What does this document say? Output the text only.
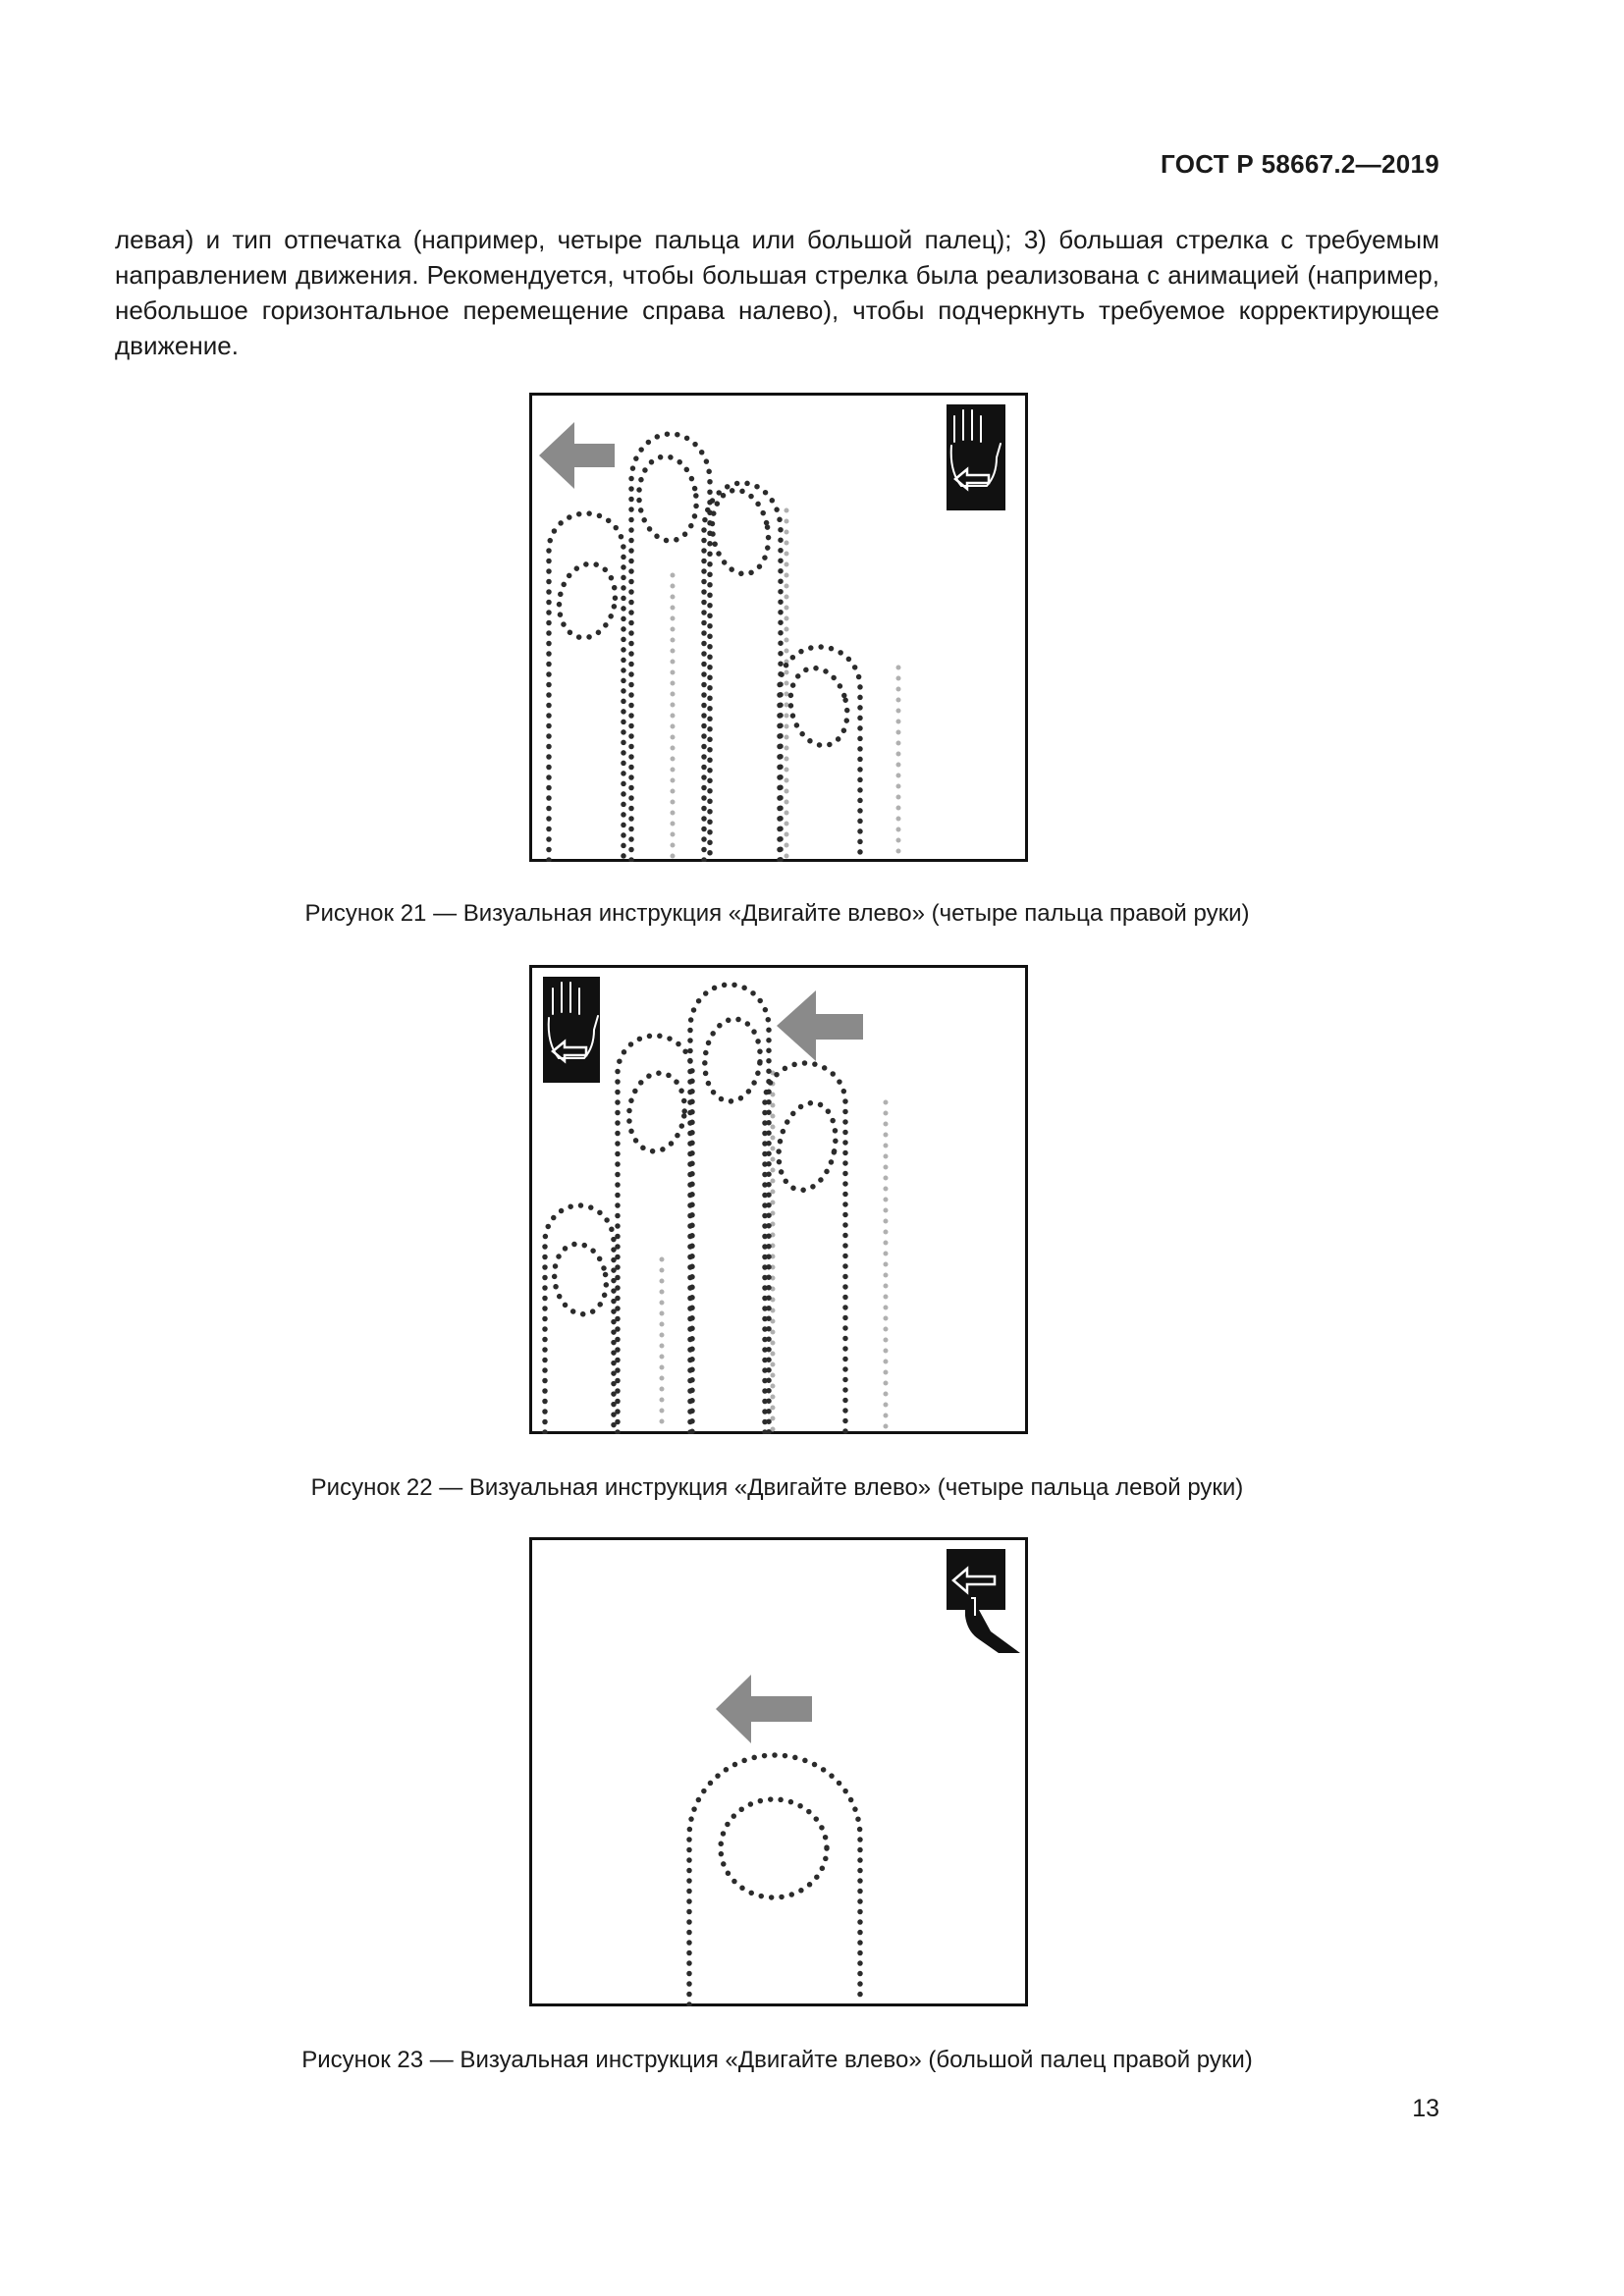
ГОСТ Р 58667.2—2019

левая) и тип отпечатка (например, четыре пальца или большой палец); 3) большая стрелка с требуемым направлением движения. Рекомендуется, чтобы большая стрелка была реализована с анимацией (например, небольшое горизонтальное перемещение справа налево), чтобы подчеркнуть требуемое корректирующее движение.

Рисунок 21 — Визуальная инструкция «Двигайте влево» (четыре пальца правой руки)
Рисунок 22 — Визуальная инструкция «Двигайте влево» (четыре пальца левой руки)
Рисунок 23 — Визуальная инструкция «Двигайте влево» (большой палец правой руки)
13
